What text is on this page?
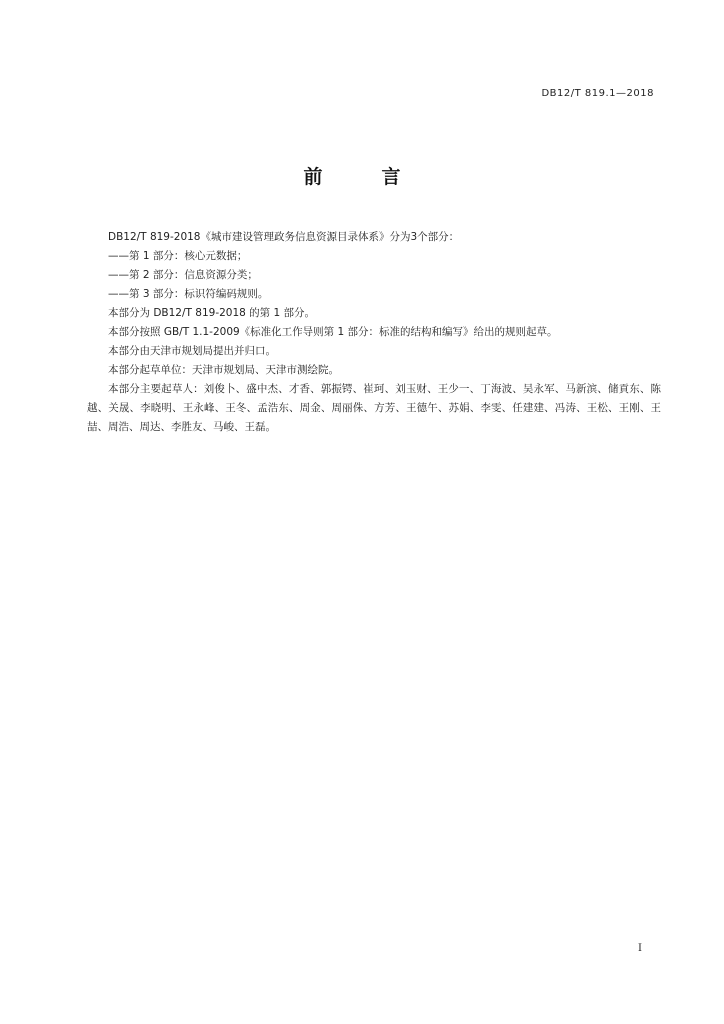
DB12/T 819.1—2018
前　言

DB12/T 819-2018《城市建设管理政务信息资源目录体系》分为3个部分：

——第 1 部分：核心元数据；

——第 2 部分：信息资源分类；

——第 3 部分：标识符编码规则。

本部分为 DB12/T 819-2018 的第 1 部分。

本部分按照 GB/T 1.1-2009《标准化工作导则第 1 部分：标准的结构和编写》给出的规则起草。

本部分由天津市规划局提出并归口。

本部分起草单位：天津市规划局、天津市测绘院。

本部分主要起草人：刘俊卜、盛中杰、才香、郭振锷、崔珂、刘玉财、王少一、丁海波、吴永军、马新滨、储貢东、陈越、关晟、李晓明、王永峰、王冬、孟浩东、周金、周丽侏、方芳、王德午、苏娟、李雯、任建建、冯涛、王松、王刚、王喆、周浩、周达、李胜友、马峻、王磊。

I
